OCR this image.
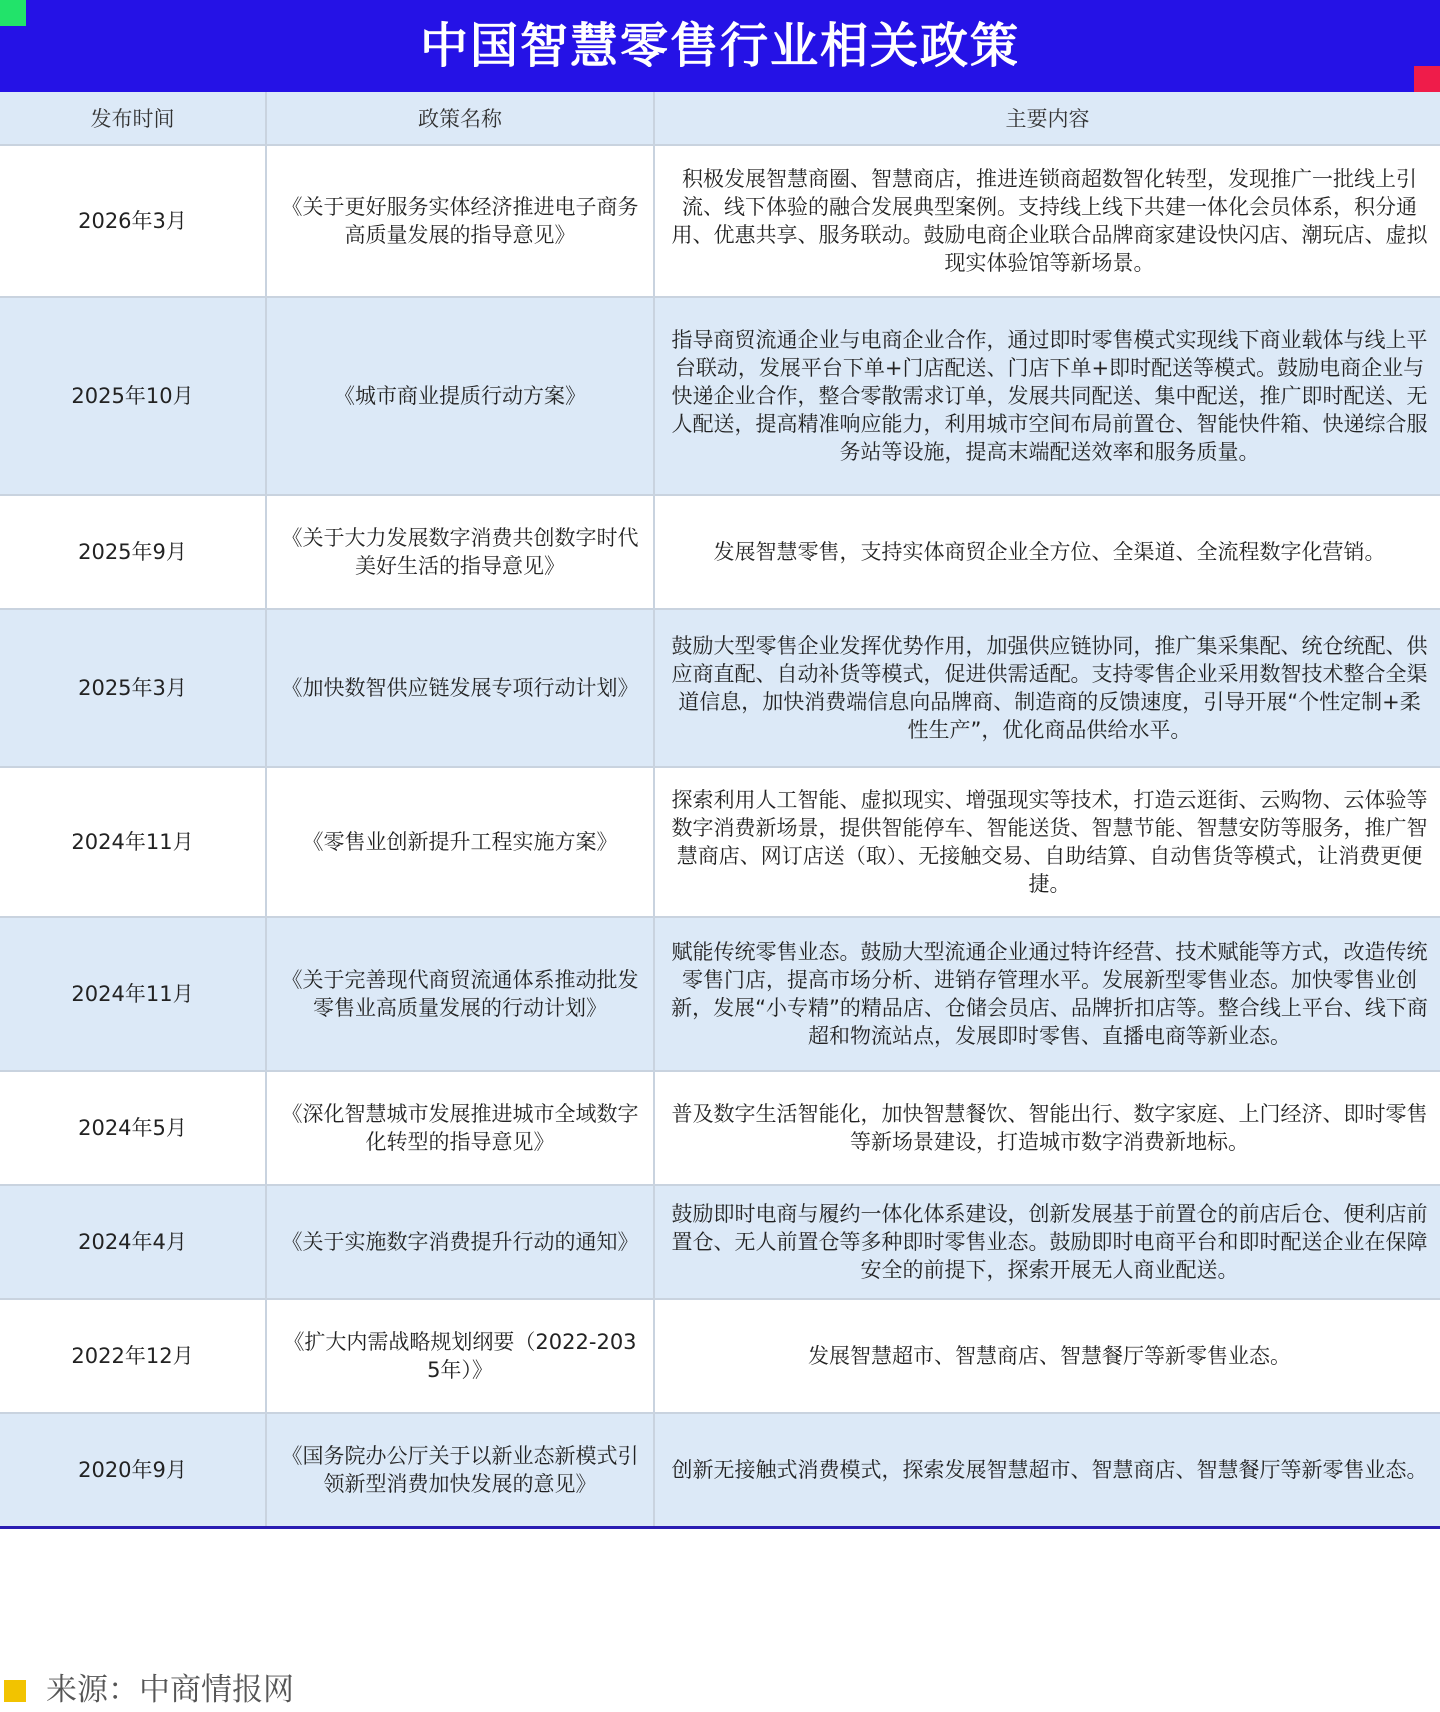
中国智慧零售行业相关政策
发布时间	政策名称	主要内容
2026年3月	《关于更好服务实体经济推进电子商务高质量发展的指导意见》	积极发展智慧商圈、智慧商店，推进连锁商超数智化转型，发现推广一批线上引流、线下体验的融合发展典型案例。支持线上线下共建一体化会员体系，积分通用、优惠共享、服务联动。鼓励电商企业联合品牌商家建设快闪店、潮玩店、虚拟现实体验馆等新场景。
2025年10月	《城市商业提质行动方案》	指导商贸流通企业与电商企业合作，通过即时零售模式实现线下商业载体与线上平台联动，发展平台下单+门店配送、门店下单+即时配送等模式。鼓励电商企业与快递企业合作，整合零散需求订单，发展共同配送、集中配送，推广即时配送、无人配送，提高精准响应能力，利用城市空间布局前置仓、智能快件箱、快递综合服务站等设施，提高末端配送效率和服务质量。
2025年9月	《关于大力发展数字消费共创数字时代美好生活的指导意见》	发展智慧零售，支持实体商贸企业全方位、全渠道、全流程数字化营销。
2025年3月	《加快数智供应链发展专项行动计划》	鼓励大型零售企业发挥优势作用，加强供应链协同，推广集采集配、统仓统配、供应商直配、自动补货等模式，促进供需适配。支持零售企业采用数智技术整合全渠道信息，加快消费端信息向品牌商、制造商的反馈速度，引导开展“个性定制+柔性生产”，优化商品供给水平。
2024年11月	《零售业创新提升工程实施方案》	探索利用人工智能、虚拟现实、增强现实等技术，打造云逛街、云购物、云体验等数字消费新场景，提供智能停车、智能送货、智慧节能、智慧安防等服务，推广智慧商店、网订店送（取）、无接触交易、自助结算、自动售货等模式，让消费更便捷。
2024年11月	《关于完善现代商贸流通体系推动批发零售业高质量发展的行动计划》	赋能传统零售业态。鼓励大型流通企业通过特许经营、技术赋能等方式，改造传统零售门店，提高市场分析、进销存管理水平。发展新型零售业态。加快零售业创新，发展“小专精”的精品店、仓储会员店、品牌折扣店等。整合线上平台、线下商超和物流站点，发展即时零售、直播电商等新业态。
2024年5月	《深化智慧城市发展推进城市全域数字化转型的指导意见》	普及数字生活智能化，加快智慧餐饮、智能出行、数字家庭、上门经济、即时零售等新场景建设，打造城市数字消费新地标。
2024年4月	《关于实施数字消费提升行动的通知》	鼓励即时电商与履约一体化体系建设，创新发展基于前置仓的前店后仓、便利店前置仓、无人前置仓等多种即时零售业态。鼓励即时电商平台和即时配送企业在保障安全的前提下，探索开展无人商业配送。
2022年12月	《扩大内需战略规划纲要（2022-2035年）》	发展智慧超市、智慧商店、智慧餐厅等新零售业态。
2020年9月	《国务院办公厅关于以新业态新模式引领新型消费加快发展的意见》	创新无接触式消费模式，探索发展智慧超市、智慧商店、智慧餐厅等新零售业态。
来源：中商情报网
